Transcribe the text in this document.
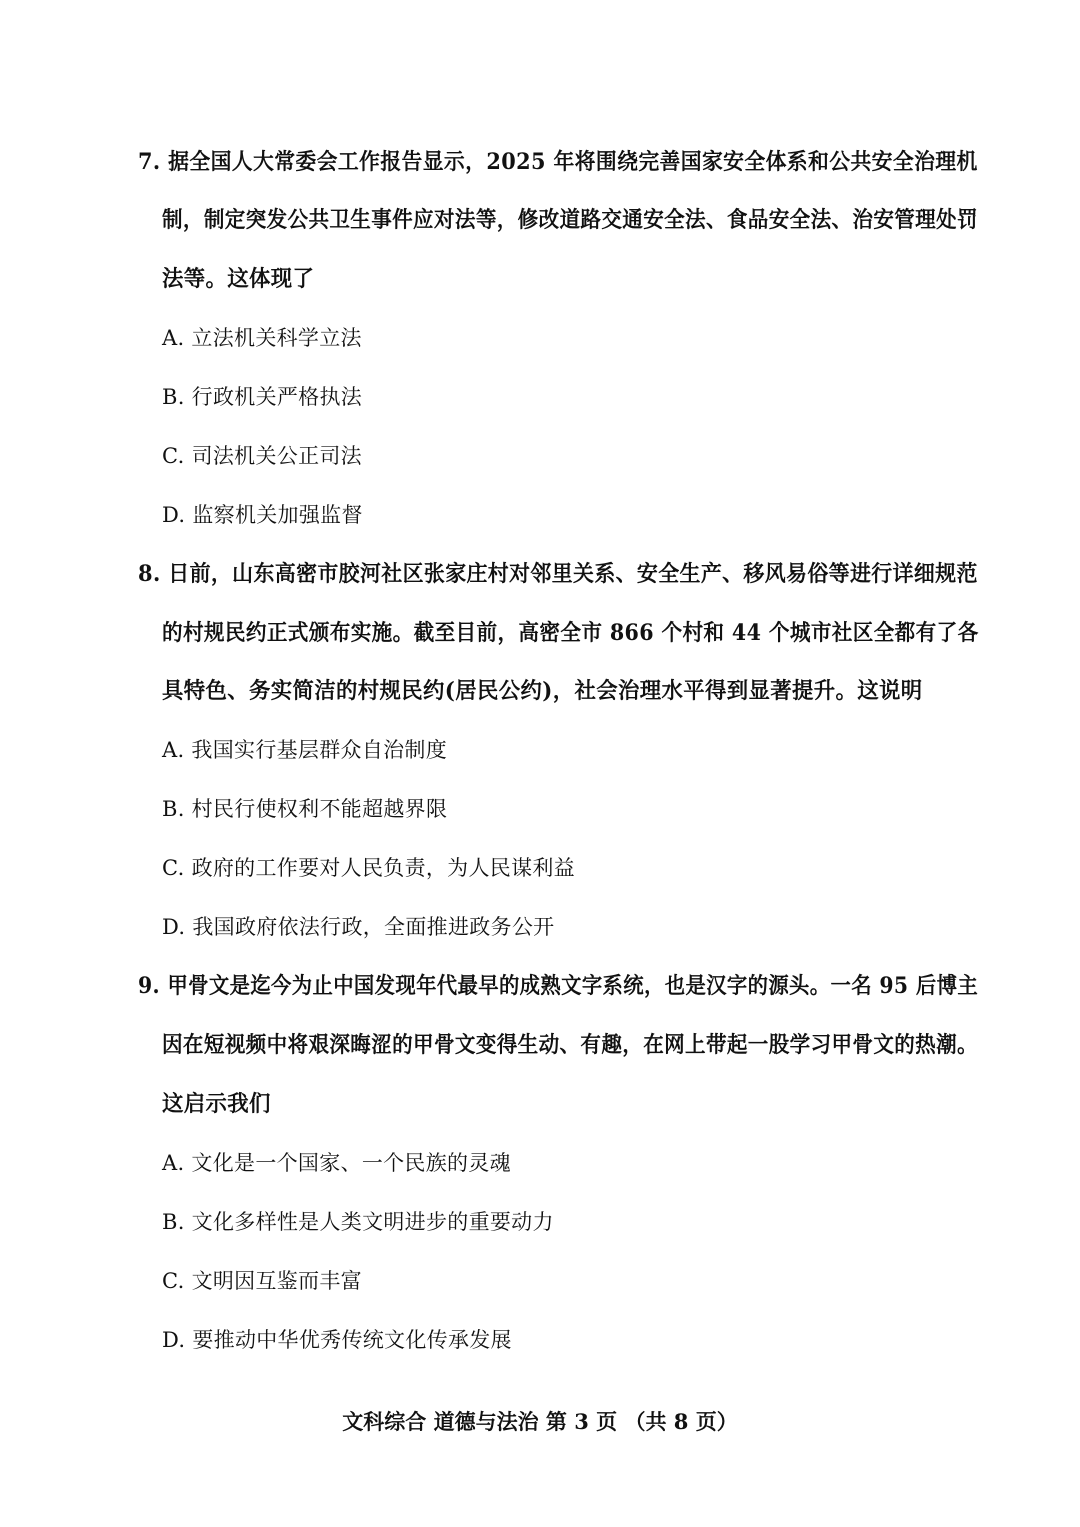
7. 据全国人大常委会工作报告显示，2025 年将围绕完善国家安全体系和公共安全治理机
制，制定突发公共卫生事件应对法等，修改道路交通安全法、食品安全法、治安管理处罚
法等。这体现了
A. 立法机关科学立法
B. 行政机关严格执法
C. 司法机关公正司法
D. 监察机关加强监督
8. 日前，山东高密市胶河社区张家庄村对邻里关系、安全生产、移风易俗等进行详细规范
的村规民约正式颁布实施。截至目前，高密全市 866 个村和 44 个城市社区全都有了各
具特色、务实简洁的村规民约(居民公约)，社会治理水平得到显著提升。这说明
A. 我国实行基层群众自治制度
B. 村民行使权利不能超越界限
C. 政府的工作要对人民负责，为人民谋利益
D. 我国政府依法行政，全面推进政务公开
9. 甲骨文是迄今为止中国发现年代最早的成熟文字系统，也是汉字的源头。一名 95 后博主
因在短视频中将艰深晦涩的甲骨文变得生动、有趣，在网上带起一股学习甲骨文的热潮。
这启示我们
A. 文化是一个国家、一个民族的灵魂
B. 文化多样性是人类文明进步的重要动力
C. 文明因互鉴而丰富
D. 要推动中华优秀传统文化传承发展
文科综合 道德与法治 第 3 页 （共 8 页）
